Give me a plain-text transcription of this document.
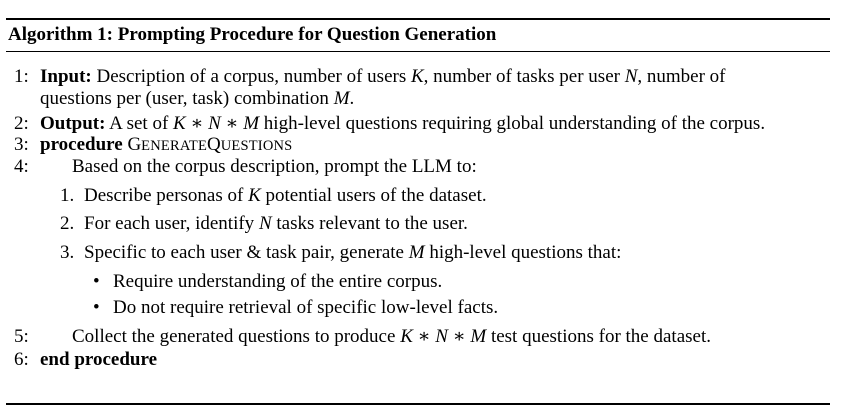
Algorithm 1: Prompting Procedure for Question Generation
1: Input: Description of a corpus, number of users K, number of tasks per user N, number of
questions per (user, task) combination M.
2: Output: A set of K ∗ N ∗ M high-level questions requiring global understanding of the corpus.
3: procedure GENERATEQUESTIONS
4: Based on the corpus description, prompt the LLM to:
1. Describe personas of K potential users of the dataset.
2. For each user, identify N tasks relevant to the user.
3. Specific to each user & task pair, generate M high-level questions that:
• Require understanding of the entire corpus.
• Do not require retrieval of specific low-level facts.
5: Collect the generated questions to produce K ∗ N ∗ M test questions for the dataset.
6: end procedure
